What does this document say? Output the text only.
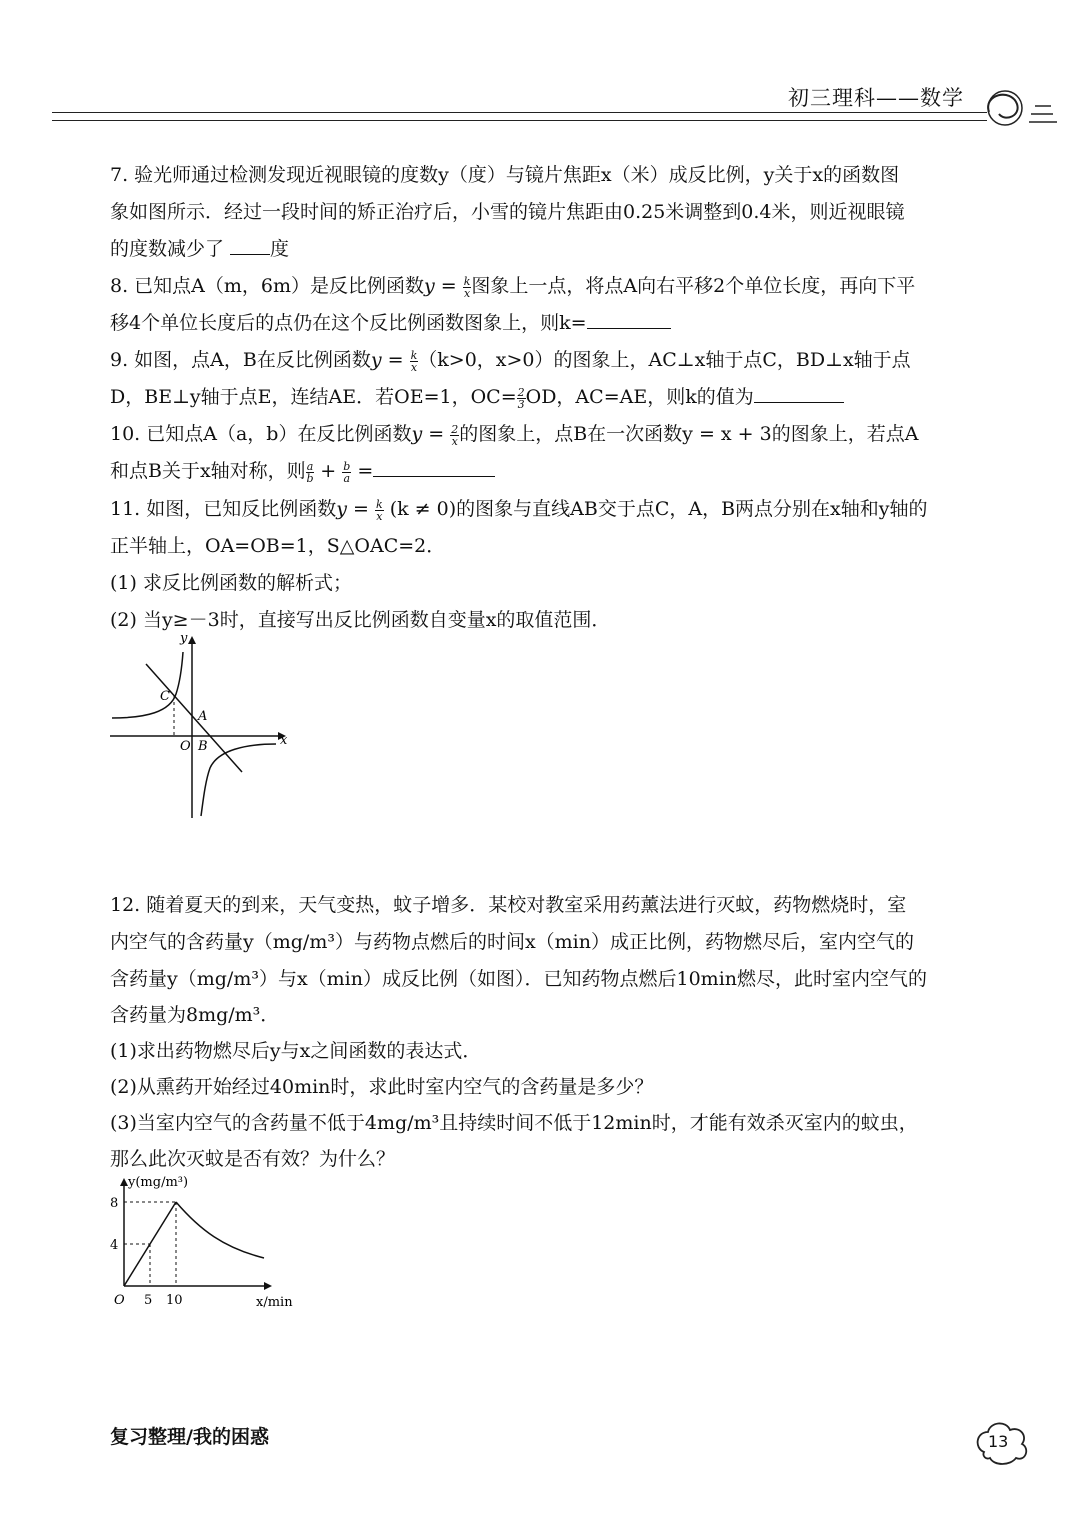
初三理科——数学
7. 验光师通过检测发现近视眼镜的度数y（度）与镜片焦距x（米）成反比例，y关于x的函数图
象如图所示．经过一段时间的矫正治疗后，小雪的镜片焦距由0.25米调整到0.4米，则近视眼镜
的度数减少了 度
8. 已知点A（m，6m）是反比例函数$y = \frac{k}{x}$ 图象上一点，将点A向右平移2个单位长度，再向下平
移4个单位长度后的点仍在这个反比例函数图象上，则k=
9. 如图，点A，B在反比例函数$y = \frac{k}{x} (k>0$，x>0）的图象上，AC⊥x轴于点C，BD⊥x轴于点
D，BE⊥y轴于点E，连结AE．若OE=1，$OC= \frac{2}{3}$ OD，AC=AE，则k的值为
10. 已知点A（a，b）在反比例函数$y = \frac{2}{x}$ 的图象上，点B在一次函数y = x + 3的图象上，若点A
和点B关于x轴对称，则 $\frac{a}{b} + \frac{b}{a}$ =
11. 如图，已知反比例函数$y = \frac{k}{x} (k \ne 0)$的图象与直线AB交于点C，A，B两点分别在x轴和y轴的
正半轴上，OA=OB=1，S△OAC=2．
(1) 求反比例函数的解析式；
(2) 当y≥－3时，直接写出反比例函数自变量x的取值范围．
y
x
O
A
B
C
12. 随着夏天的到来，天气变热，蚊子增多．某校对教室采用药薰法进行灭蚊，药物燃烧时，室
内空气的含药量y（mg/m³）与药物点燃后的时间x（min）成正比例，药物燃尽后，室内空气的
含药量y（mg/m³）与x（min）成反比例（如图）．已知药物点燃后10min燃尽，此时室内空气的
含药量为8mg/m³．
(1)求出药物燃尽后y与x之间函数的表达式．
(2)从熏药开始经过40min时，求此时室内空气的含药量是多少？
(3)当室内空气的含药量不低于4mg/m³且持续时间不低于12min时，才能有效杀灭室内的蚊虫，
那么此次灭蚊是否有效？为什么？
y(mg/m³)
x/min
O
8
4
5 10
复习整理/我的困惑	13
